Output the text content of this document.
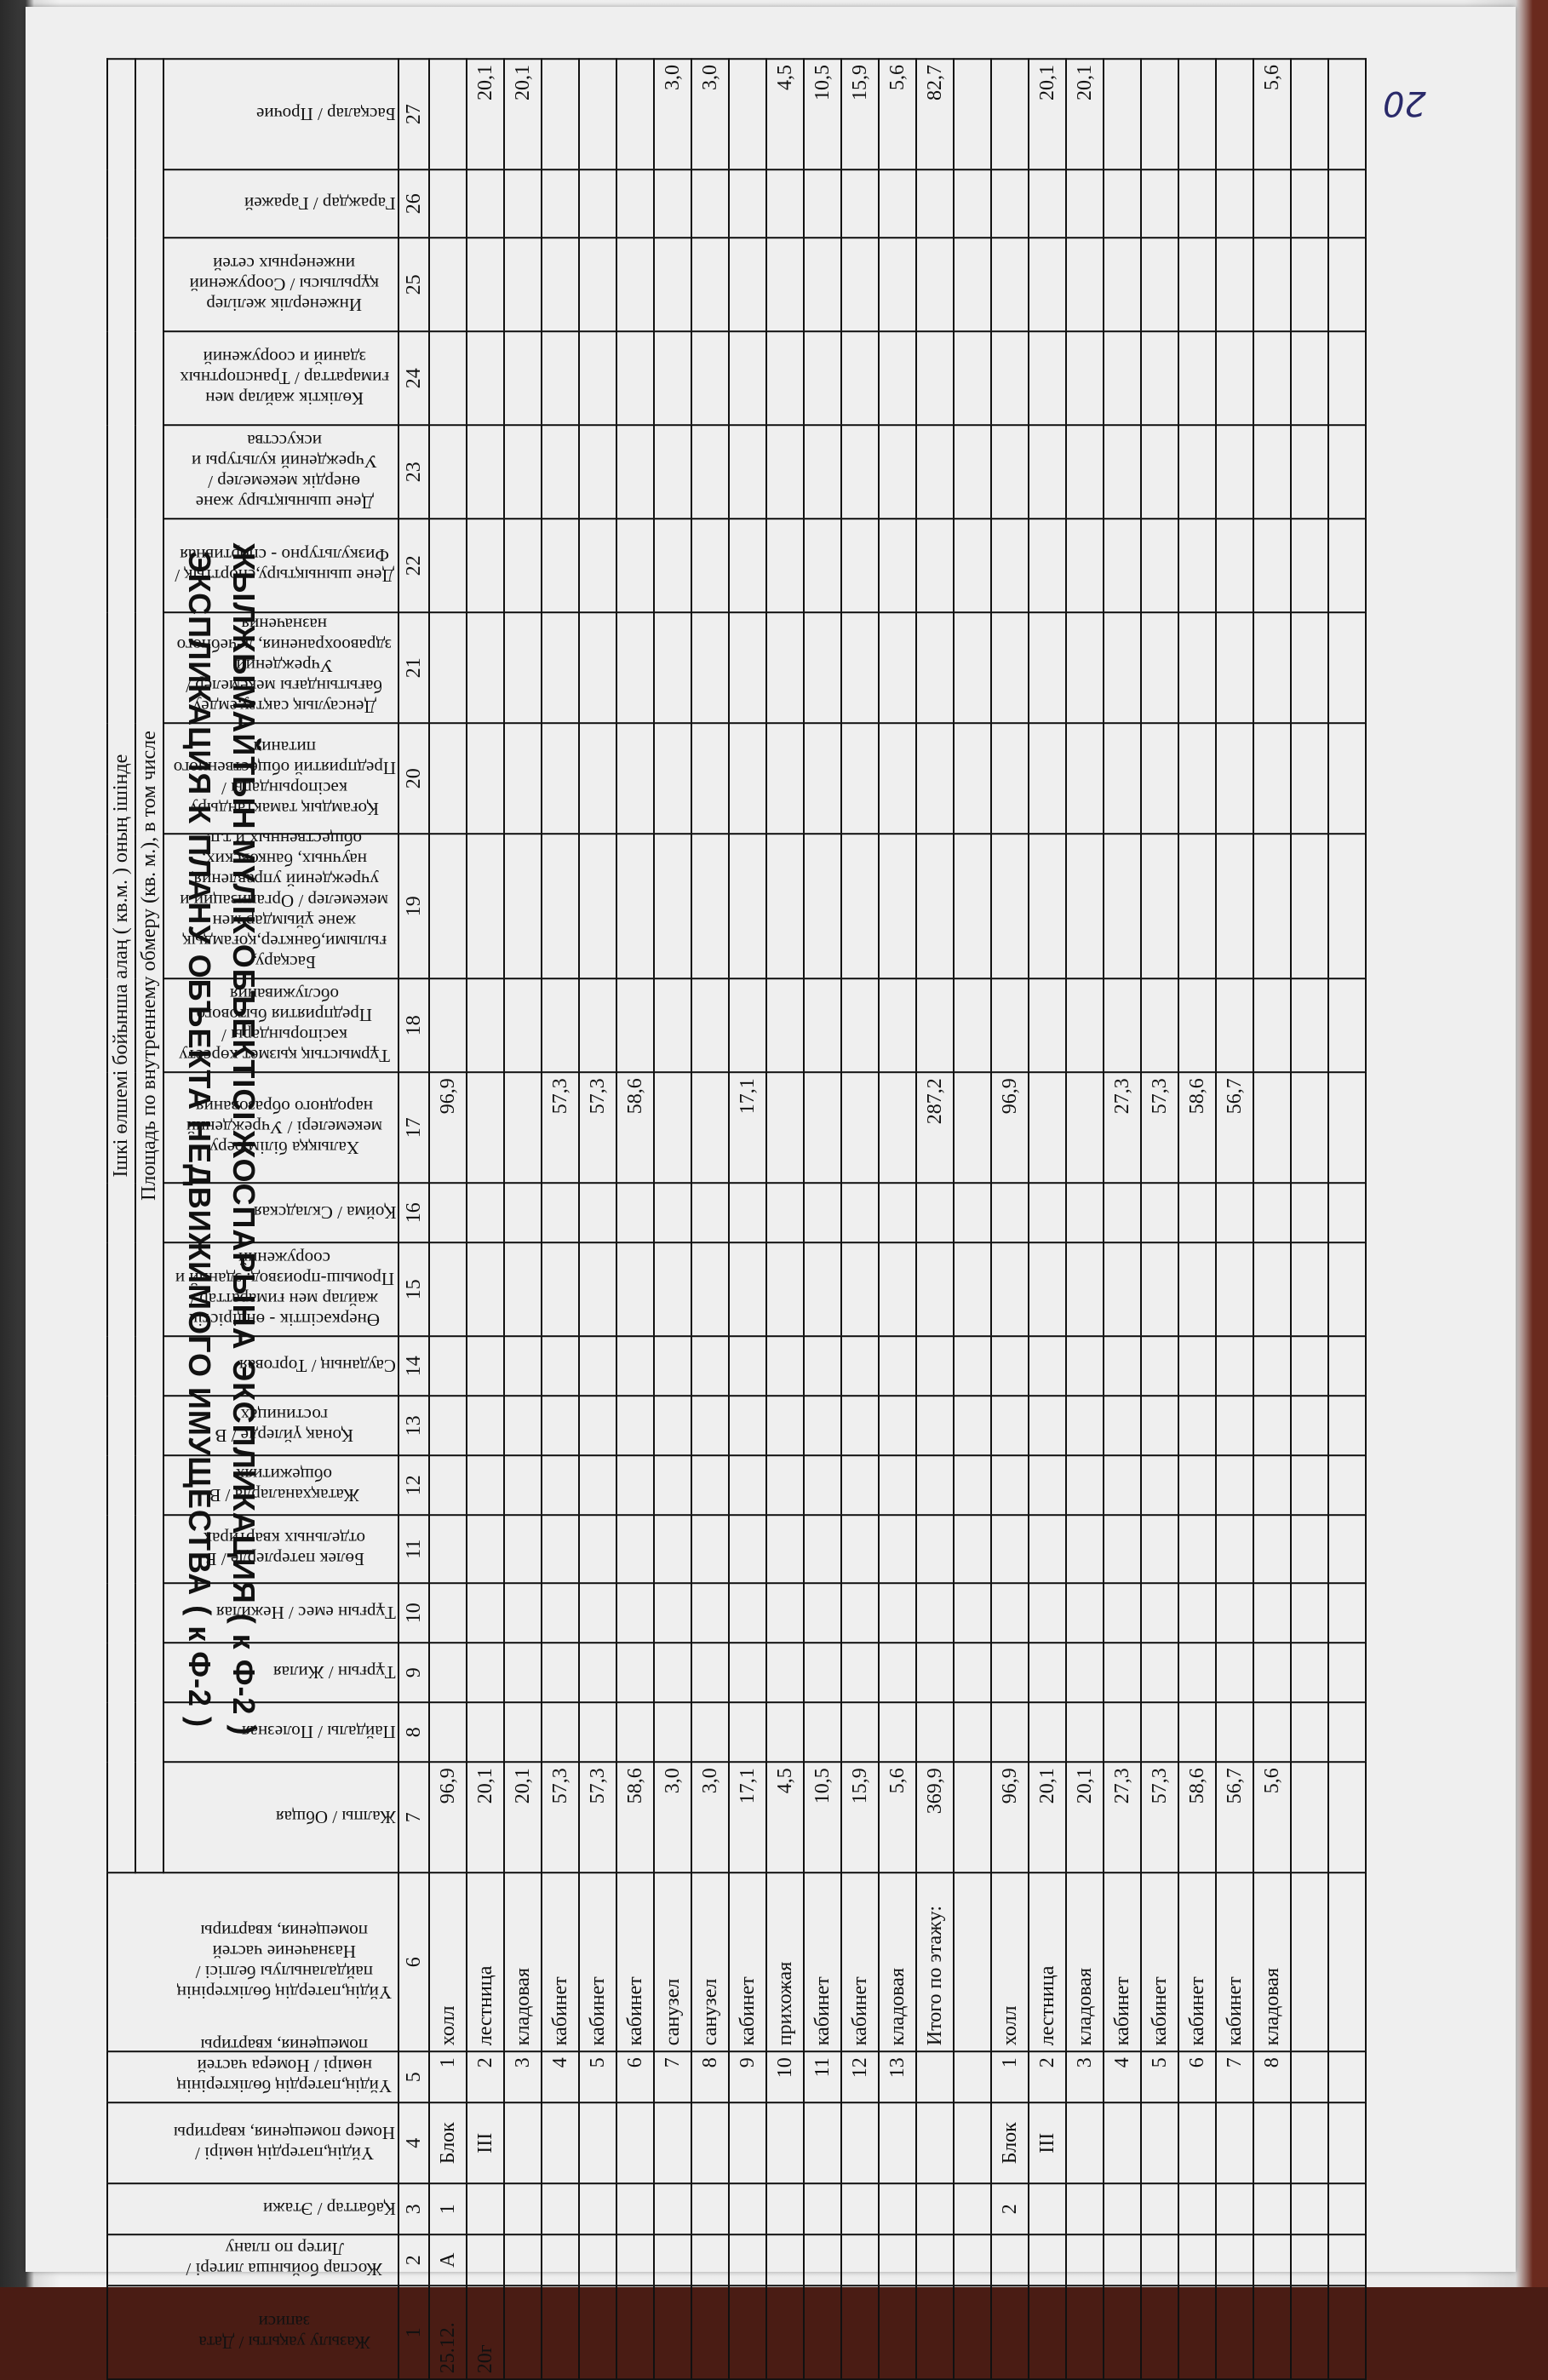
20
Жазылу уақыты / Дата записи	Жоспар бойынша литері / Литер по плану	Қабаттар / Этажи	Үйдің,пәтердің нөмірі / Номер помещения, квартиры	Үйдің,пәтердің бөліктерінің нөмірі / Номера частей помещения, квартиры	Үйдің,пәтердің бөліктерінің пайдаланылуы белгісі / Назначение частей помещения, квартиры	Ішкі өлшемі бойынша алаң ( кв.м. ) оның ішінде																				
						Площадь по внутреннему обмеру (кв. м.), в том числе																				

						Жалпы / Общая	Пайдалы / Полезная	Тұрғын / Жилая	Тұрғын емес / Нежилая	Бөлек пәтерлерде / В отдельных квартирах	Жатақханаларда / В общежитиях	Қонақ үйлерде / В гостиницах	Сауданың / Торговая	Өнеркәсіптік - өндірістік жайлар мен ғимараттар / Промыш-производ. зданий и сооружений	Қойма / Складская	Халыққа білім беру мекемелері / Учреждений народного образования	Тұрмыстық қызмет көрсету кәсіпорындары / Предприятия бытового обслуживания	Басқару, ғылыми,банктер,қоғамдық және ұйымдар мен мекемелер / Организаций и учреждений управления, научных, банковских, общественных и т.п.	Қоғамдық тамақтандыру кәсіпорындары / Предприятий общественного питания	Денсаулық сақтау,емдеу бағытындағы мекемелер / Учреждений здравоохранения, лечебного назначения	Дене шынықтыру,спорттық / Физкультурно - спортивная	Дене шынықтыру және өнердік мекемелер / Учреждений культуры и искусства	Көліктік жайлар мен ғимараттар / Транспортных зданий и сооружений	Инженерлік желілер құрылысы / Сооружений инженерных сетей	Гараждар / Гаражей	Басқалар / Прочие

1	2	3	4	5	6	7	8	9	10	11	12	13	14	15	16	17	18	19	20	21	22	23	24	25	26	27
25.12.	А	1	Блок	1	холл	96,9										96,9										
20г			III	2	лестница	20,1																				20,1
				3	кладовая	20,1																				20,1
				4	кабинет	57,3										57,3										
				5	кабинет	57,3										57,3										
				6	кабинет	58,6										58,6										
				7	санузел	3,0																				3,0
				8	санузел	3,0																				3,0
				9	кабинет	17,1										17,1										
				10	прихожая	4,5																				4,5
				11	кабинет	10,5																				10,5
				12	кабинет	15,9																				15,9
				13	кладовая	5,6																				5,6
					Итого по этажу:	369,9										287,2										82,7

		2	Блок	1	холл	96,9										96,9										
			III	2	лестница	20,1																				20,1
				3	кладовая	20,1																				20,1
				4	кабинет	27,3										27,3										
				5	кабинет	57,3										57,3										
				6	кабинет	58,6										58,6										
				7	кабинет	56,7										56,7										
				8	кладовая	5,6																				5,6

ЖЫЛЖЫМАЙТЫН МҮЛІК ОБЪЕКТІСІ ЖОСПАРЫНА ЭКСПЛИКАЦИЯ ( к Ф-2 )
ЭКСПЛИКАЦИЯ К ПЛАНУ ОБЪЕКТА НЕДВИЖИМОГО ИМУЩЕСТВА ( к Ф-2 )
